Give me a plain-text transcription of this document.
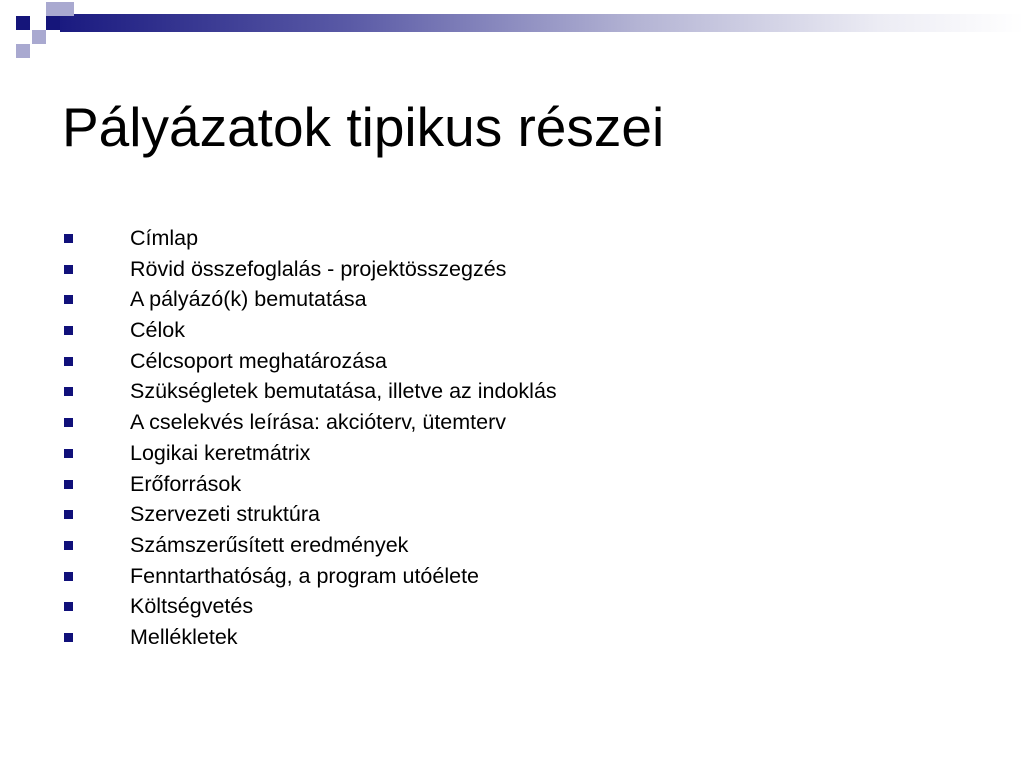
Pályázatok tipikus részei
Címlap
Rövid összefoglalás - projektösszegzés
A pályázó(k) bemutatása
Célok
Célcsoport meghatározása
Szükségletek bemutatása, illetve az indoklás
A cselekvés leírása: akcióterv, ütemterv
Logikai keretmátrix
Erőforrások
Szervezeti struktúra
Számszerűsített eredmények
Fenntarthatóság, a program utóélete
Költségvetés
Mellékletek
